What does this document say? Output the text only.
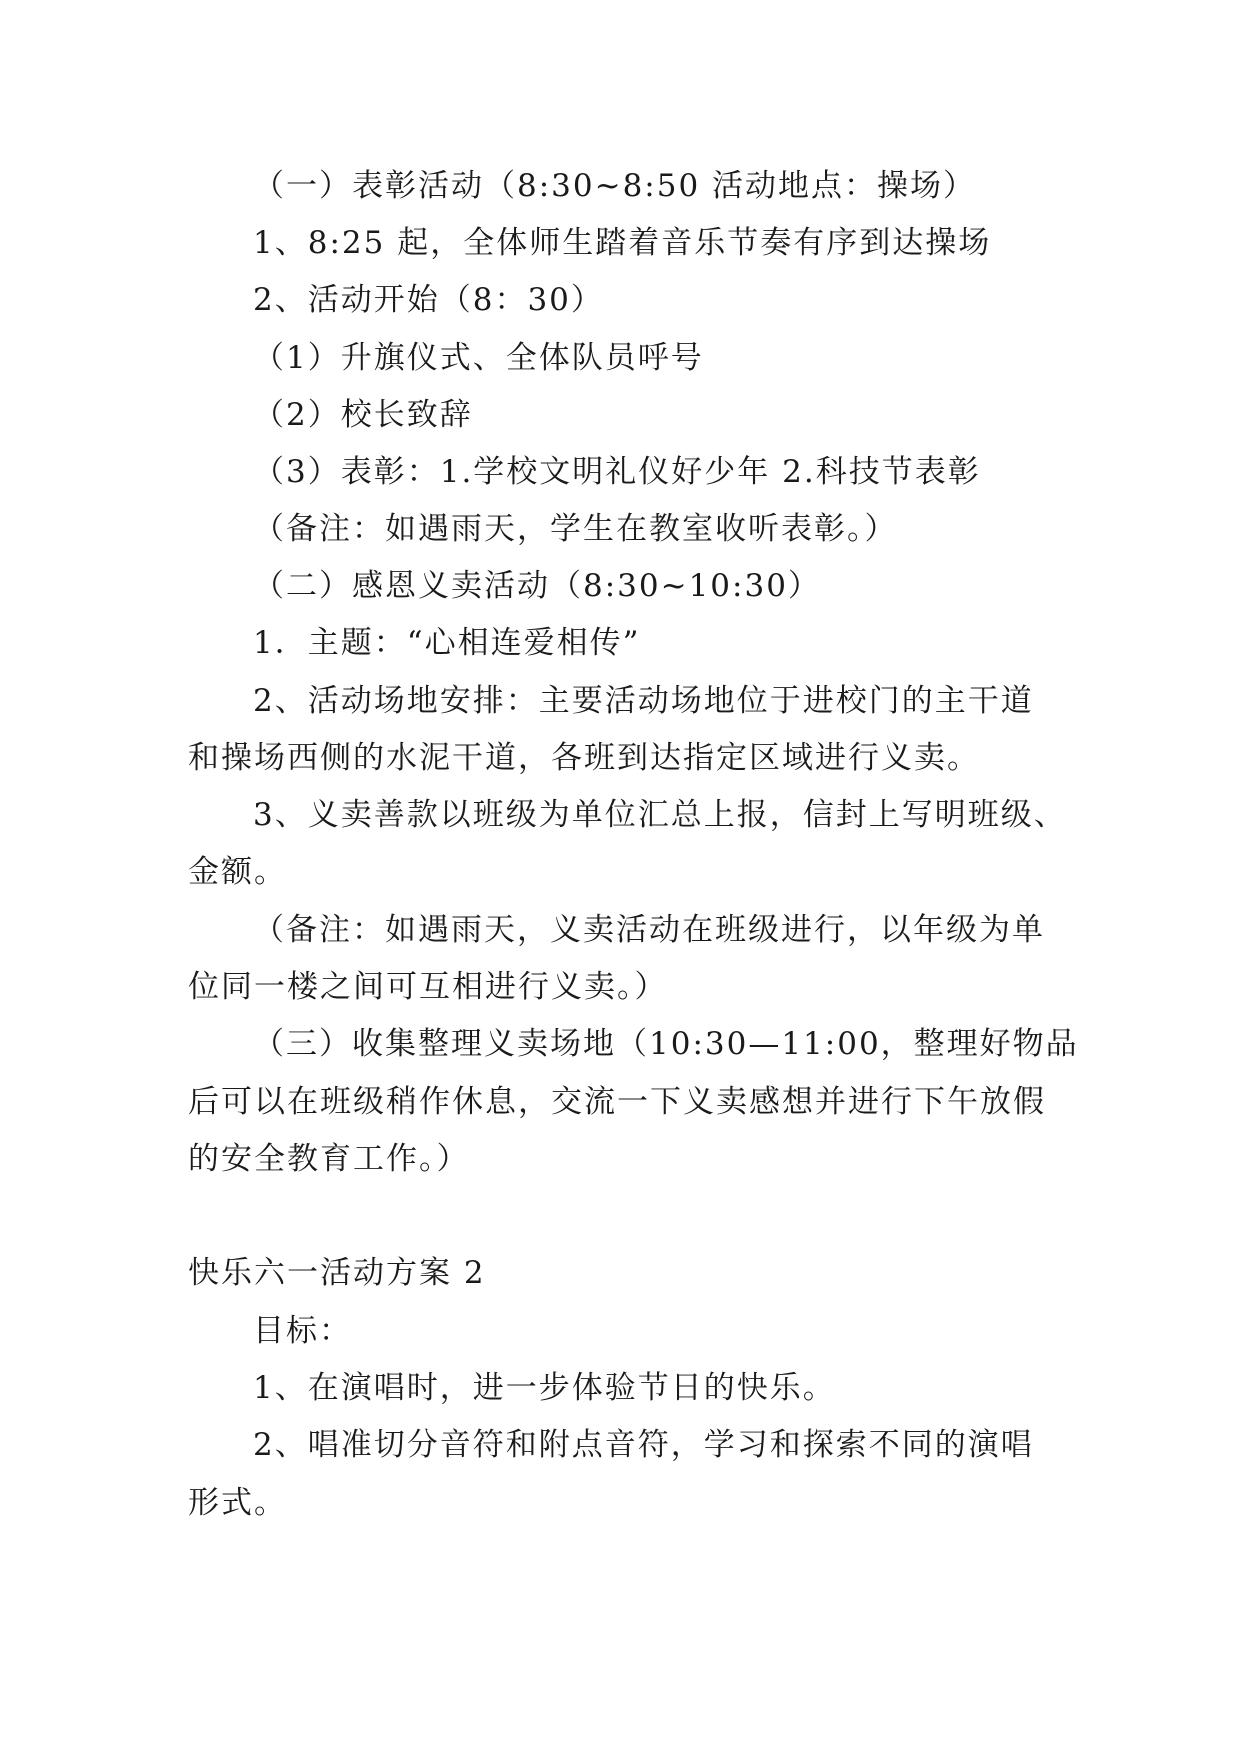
（一）表彰活动（8:30~8:50 活动地点：操场）
1、8:25 起，全体师生踏着音乐节奏有序到达操场
2、活动开始（8：30）
（1）升旗仪式、全体队员呼号
（2）校长致辞
（3）表彰：1.学校文明礼仪好少年 2.科技节表彰
（备注：如遇雨天，学生在教室收听表彰。）
（二）感恩义卖活动（8:30~10:30）
1．主题：“心相连爱相传”
2、活动场地安排：主要活动场地位于进校门的主干道
和操场西侧的水泥干道，各班到达指定区域进行义卖。
3、义卖善款以班级为单位汇总上报，信封上写明班级、
金额。
（备注：如遇雨天，义卖活动在班级进行，以年级为单
位同一楼之间可互相进行义卖。）
（三）收集整理义卖场地（10:30—11:00，整理好物品
后可以在班级稍作休息，交流一下义卖感想并进行下午放假
的安全教育工作。）
快乐六一活动方案 2
目标：
1、在演唱时，进一步体验节日的快乐。
2、唱准切分音符和附点音符，学习和探索不同的演唱
形式。
